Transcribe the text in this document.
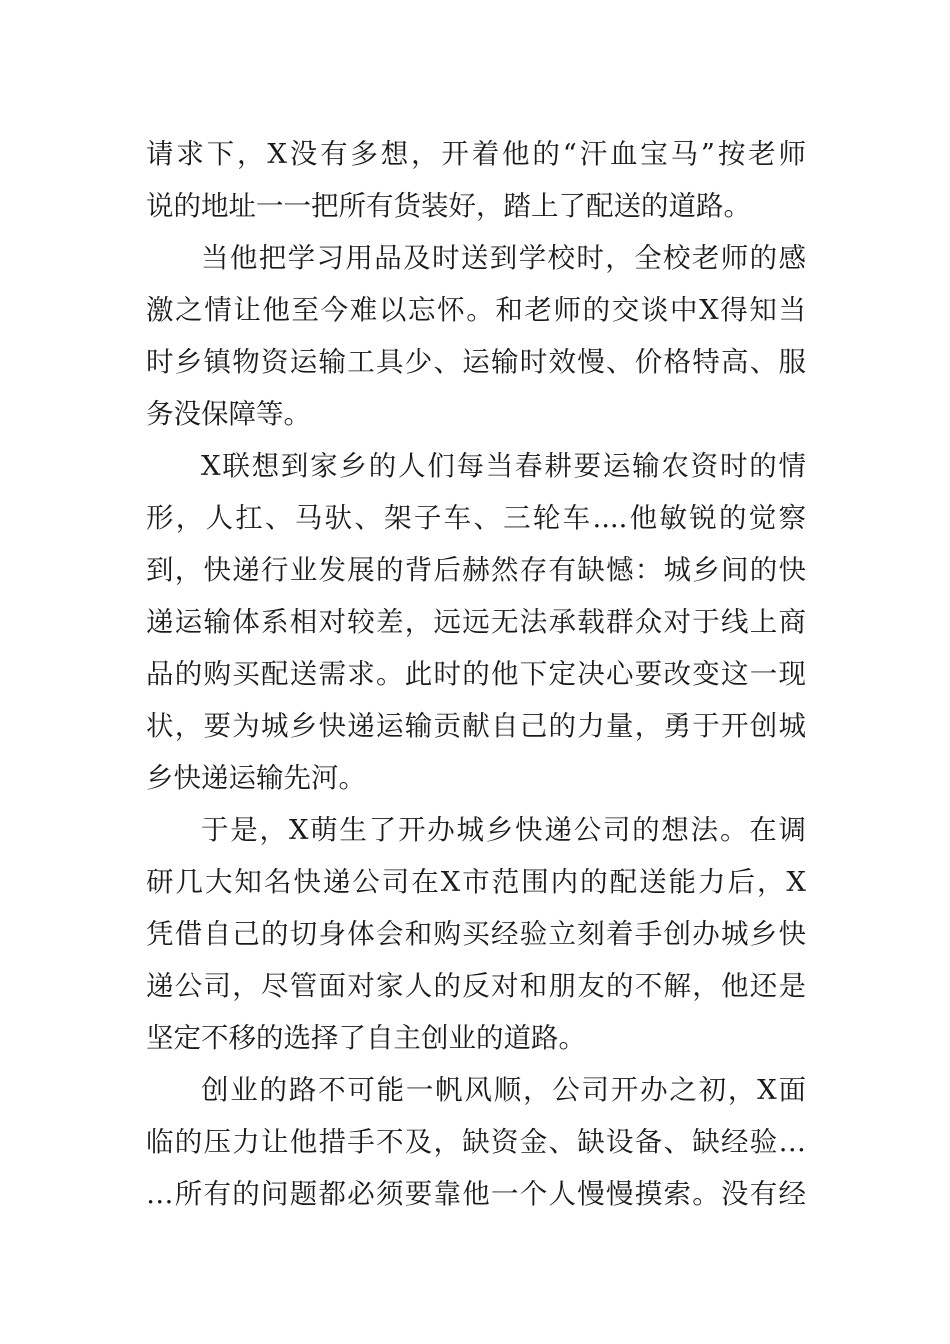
请求下，X没有多想，开着他的“汗血宝马”按老师
说的地址一一把所有货装好，踏上了配送的道路。
当他把学习用品及时送到学校时，全校老师的感
激之情让他至今难以忘怀。和老师的交谈中X得知当
时乡镇物资运输工具少、运输时效慢、价格特高、服
务没保障等。
X联想到家乡的人们每当春耕要运输农资时的情
形，人扛、马驮、架子车、三轮车....他敏锐的觉察
到，快递行业发展的背后赫然存有缺憾：城乡间的快
递运输体系相对较差，远远无法承载群众对于线上商
品的购买配送需求。此时的他下定决心要改变这一现
状，要为城乡快递运输贡献自己的力量，勇于开创城
乡快递运输先河。
于是，X萌生了开办城乡快递公司的想法。在调
研几大知名快递公司在X市范围内的配送能力后，X
凭借自己的切身体会和购买经验立刻着手创办城乡快
递公司，尽管面对家人的反对和朋友的不解，他还是
坚定不移的选择了自主创业的道路。
创业的路不可能一帆风顺，公司开办之初，X面
临的压力让他措手不及，缺资金、缺设备、缺经验…
…所有的问题都必须要靠他一个人慢慢摸索。没有经
